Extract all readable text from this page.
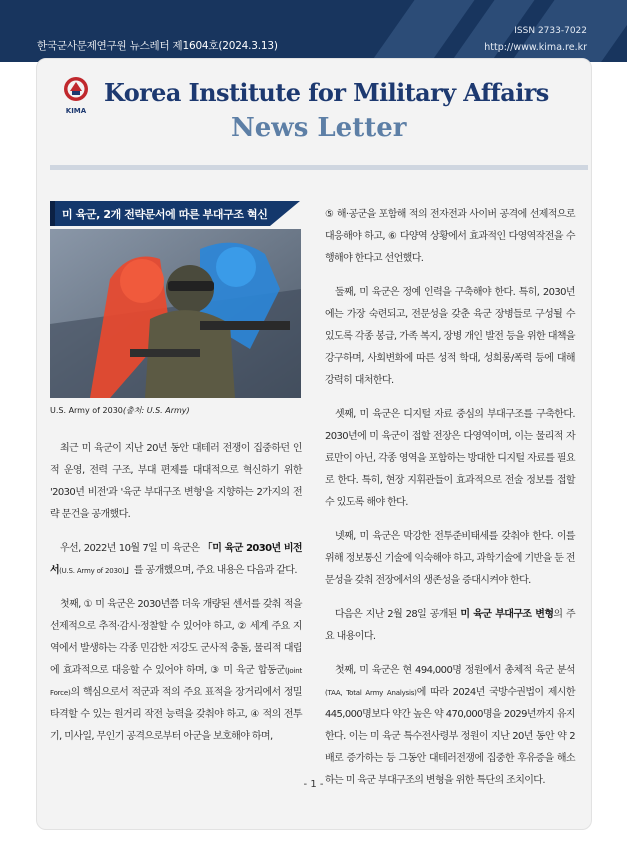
한국군사문제연구원 뉴스레터 제1604호(2024.3.13)
ISSN 2733-7022
http://www.kima.re.kr
KIMA
Korea Institute for Military Affairs
News Letter
미 육군, 2개 전략문서에 따른 부대구조 혁신
U.S. Army of 2030(출처: U.S. Army)

최근 미 육군이 지난 20년 동안 대테러 전쟁이 집중하던 인적 운영, 전력 구조, 부대 편제를 대대적으로 혁신하기 위한 '2030년 비전'과 '육군 부대구조 변형'을 지향하는 2가지의 전략 문건을 공개했다.

우선, 2022년 10월 7일 미 육군은 「미 육군 2030년 비전서(U.S. Army of 2030)」를 공개했으며, 주요 내용은 다음과 같다.

첫째, ① 미 육군은 2030년쯤 더욱 개량된 센서를 갖춰 적을 선제적으로 추적·감시·정찰할 수 있어야 하고, ② 세계 주요 지역에서 발생하는 각종 민감한 저강도 군사적 충돌, 물리적 대립에 효과적으로 대응할 수 있어야 하며, ③ 미 육군 합동군(Joint Force)의 핵심으로서 적군과 적의 주요 표적을 장거리에서 정밀 타격할 수 있는 원거리 작전 능력을 갖춰야 하고, ④ 적의 전투기, 미사일, 무인기 공격으로부터 아군을 보호해야 하며,

⑤ 해·공군을 포함해 적의 전자전과 사이버 공격에 선제적으로 대응해야 하고, ⑥ 다양역 상황에서 효과적인 다영역작전을 수행해야 한다고 선언했다.

둘째, 미 육군은 정예 인력을 구축해야 한다. 특히, 2030년에는 가장 숙련되고, 전문성을 갖춘 육군 장병들로 구성될 수 있도록 각종 봉급, 가족 복지, 장병 개인 발전 등을 위한 대책을 강구하며, 사회변화에 따른 성적 학대, 성희롱/폭력 등에 대해 강력히 대처한다.

셋째, 미 육군은 디지털 자료 중심의 부대구조를 구축한다. 2030년에 미 육군이 접할 전장은 다영역이며, 이는 물리적 자료만이 아닌, 각종 영역을 포함하는 방대한 디지털 자료를 필요로 한다. 특히, 현장 지휘관들이 효과적으로 전술 정보를 접할 수 있도록 해야 한다.

넷째, 미 육군은 막강한 전투준비태세를 갖춰야 한다. 이를 위해 정보통신 기술에 익숙해야 하고, 과학기술에 기반을 둔 전문성을 갖춰 전장에서의 생존성을 증대시켜야 한다.

다음은 지난 2월 28일 공개된 미 육군 부대구조 변형의 주요 내용이다.

첫째, 미 육군은 현 494,000명 정원에서 총체적 육군 분석(TAA, Total Army Analysis)에 따라 2024년 국방수권법이 제시한 445,000명보다 약간 높은 약 470,000명을 2029년까지 유지한다. 이는 미 육군 특수전사령부 정원이 지난 20년 동안 약 2배로 증가하는 등 그동안 대테러전쟁에 집중한 후유증을 해소하는 미 육군 부대구조의 변형을 위한 특단의 조치이다.

- 1 -
